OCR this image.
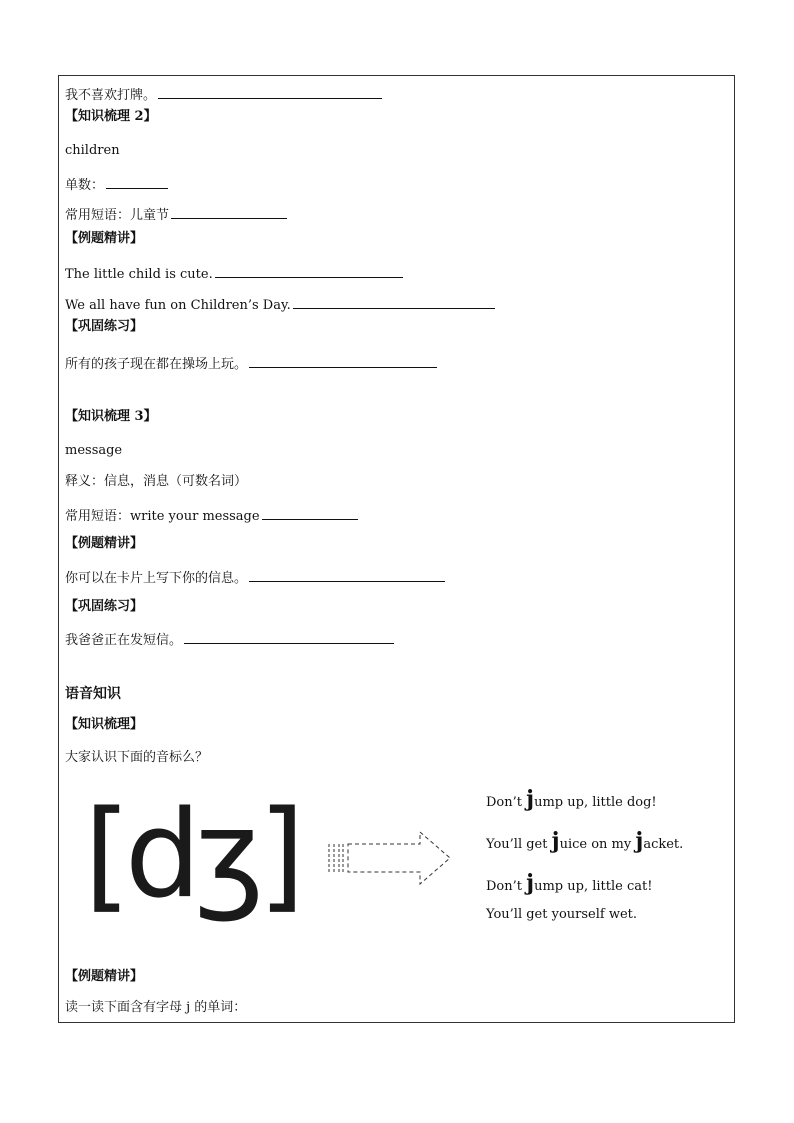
我不喜欢打牌。
【知识梳理 2】
children
单数：
常用短语：儿童节
【例题精讲】
The little child is cute.
We all have fun on Children’s Day.
【巩固练习】
所有的孩子现在都在操场上玩。
【知识梳理 3】
message
释义：信息，消息（可数名词）
常用短语：write your message
【例题精讲】
你可以在卡片上写下你的信息。
【巩固练习】
我爸爸正在发短信。
语音知识
【知识梳理】
大家认识下面的音标么？
[dʒ]	Don’t jump up, little dog!
You’ll get juice on my jacket.
Don’t jump up, little cat!
You’ll get yourself wet.
【例题精讲】
读一读下面含有字母 j 的单词：
